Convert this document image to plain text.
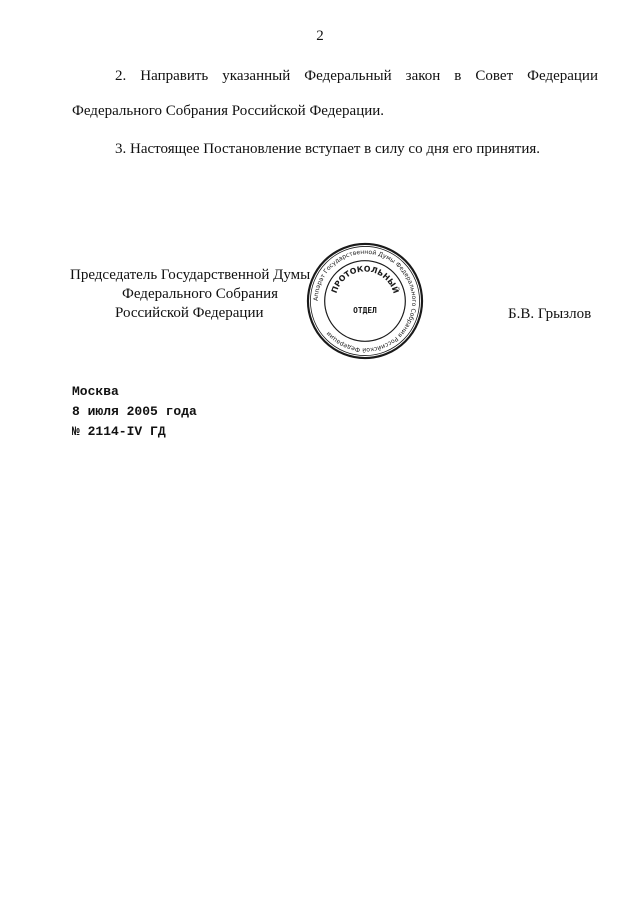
2
2. Направить указанный Федеральный закон в Совет Федерации
Федерального Собрания Российской Федерации.
3. Настоящее Постановление вступает в силу со дня его принятия.
Председатель Государственной Думы
Федерального Собрания
Российской Федерации
Аппарат Государственной Думы Федерального Собрания Российской Федерации
ПРОТОКОЛЬНЫЙ
ОТДЕЛ	Б.В. Грызлов
Москва
8 июля 2005 года
№ 2114-IV ГД
